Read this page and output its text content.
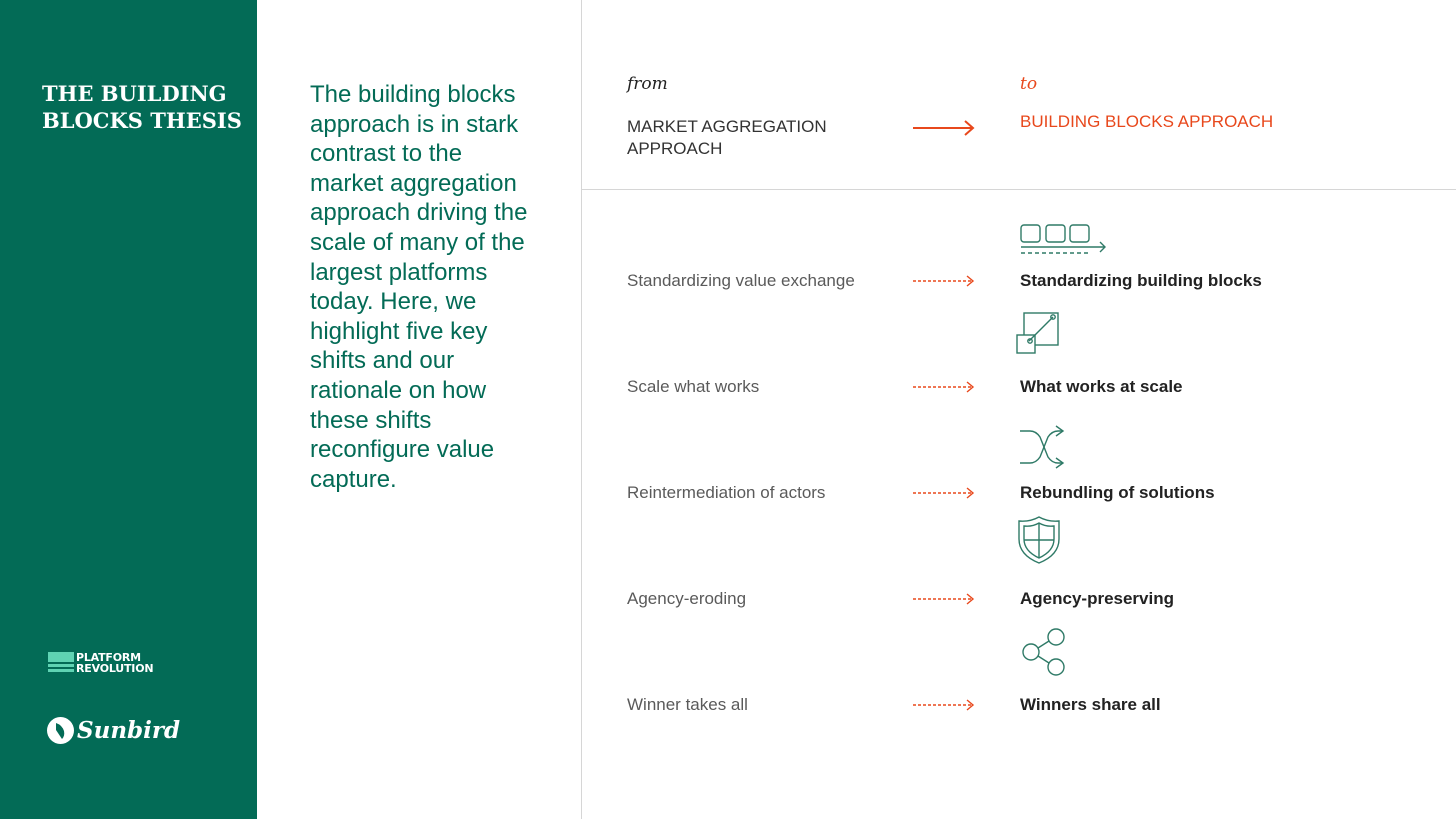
THE BUILDING BLOCKS THESIS
PLATFORM
REVOLUTION
Sunbird
The building blocks approach is in stark contrast to the market aggregation approach driving the scale of many of the largest platforms today. Here, we highlight five key shifts and our rationale on how these shifts reconfigure value capture.
from
MARKET AGGREGATION APPROACH
to
BUILDING BLOCKS APPROACH
Standardizing value exchange	Standardizing building blocks
Scale what works	What works at scale
Reintermediation of actors	Rebundling of solutions
Agency-eroding	Agency-preserving
Winner takes all	Winners share all
